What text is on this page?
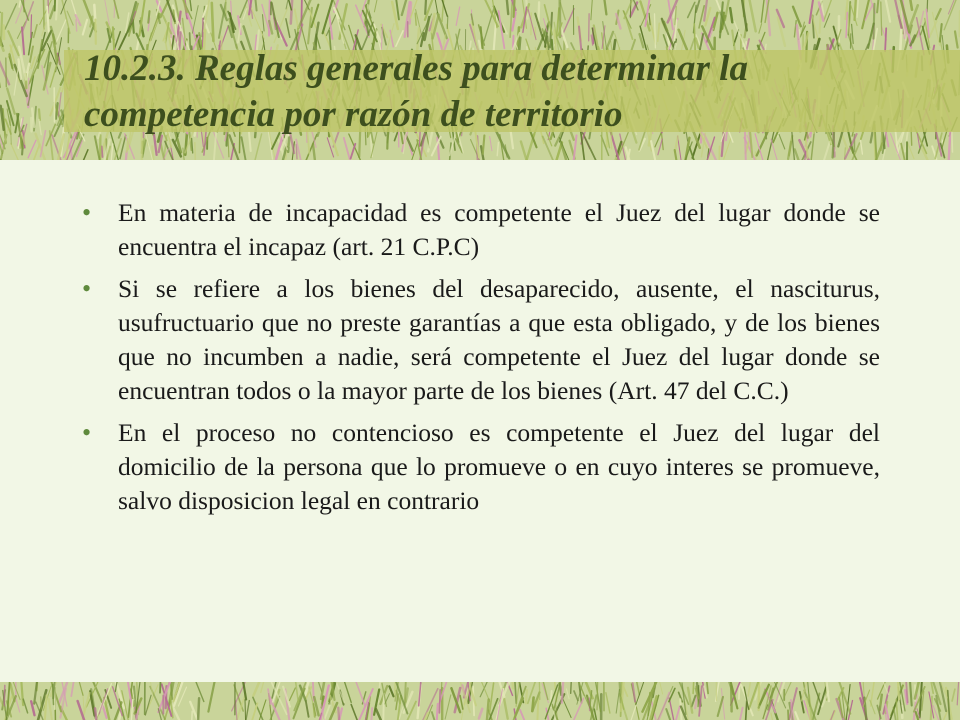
10.2.3. Reglas generales para determinar la
competencia por razón de territorio
• En materia de incapacidad es competente el Juez del lugar donde se encuentra el incapaz (art. 21 C.P.C)
• Si se refiere a los bienes del desaparecido, ausente, el nasciturus, usufructuario que no preste garantías a que esta obligado, y de los bienes que no incumben a nadie, será competente el Juez del lugar donde se encuentran todos o la mayor parte de los bienes (Art. 47 del C.C.)
• En el proceso no contencioso es competente el Juez del lugar del domicilio de la persona que lo promueve o en cuyo interes se promueve, salvo disposicion legal en contrario
